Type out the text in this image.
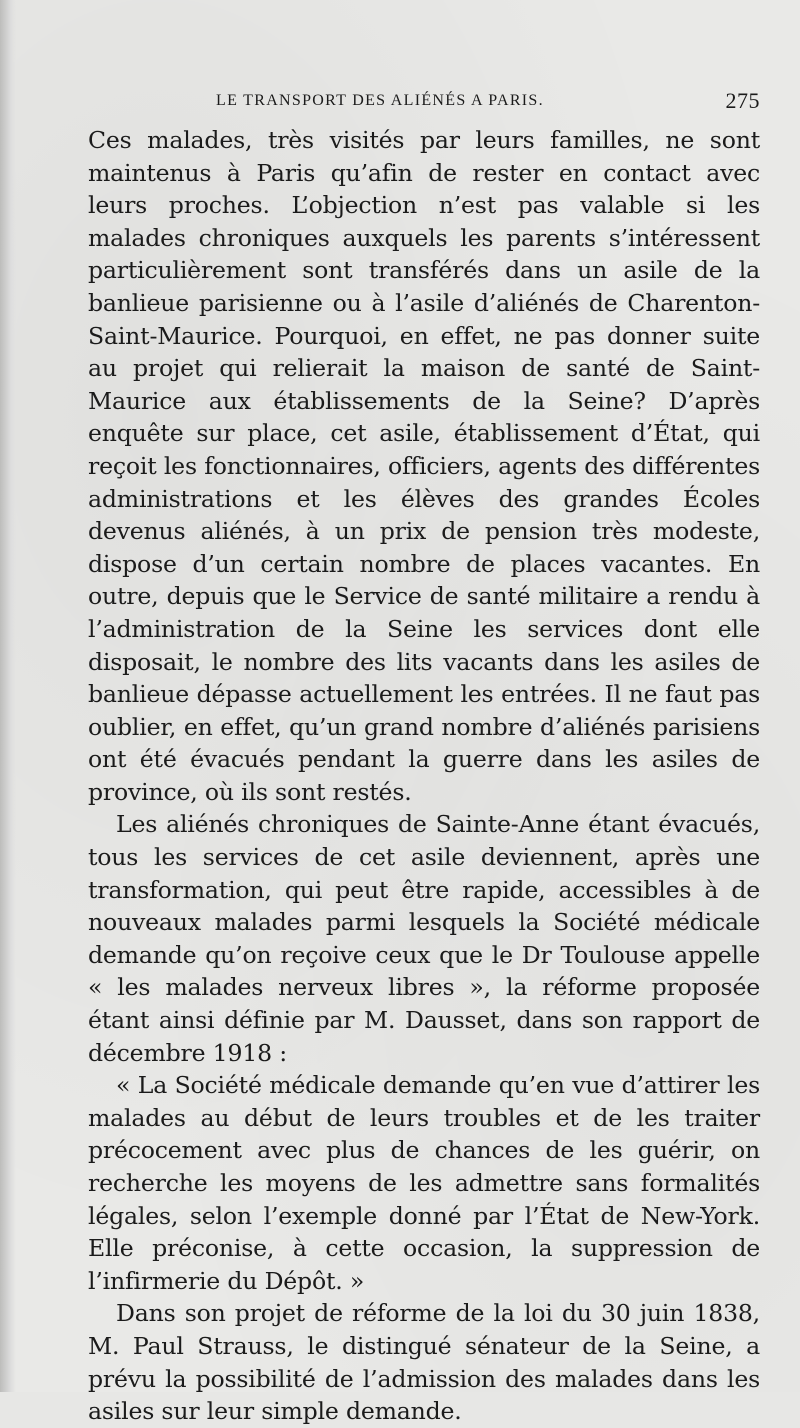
LE TRANSPORT DES ALIÉNÉS A PARIS.	275

Ces malades, très visités par leurs familles, ne sont maintenus à Paris qu’afin de rester en contact avec leurs proches. L’objection n’est pas valable si les malades chroniques auxquels les parents s’intéressent particulièrement sont transférés dans un asile de la banlieue parisienne ou à l’asile d’aliénés de Charenton-Saint-Maurice. Pourquoi, en effet, ne pas donner suite au projet qui relierait la maison de santé de Saint-Maurice aux établissements de la Seine? D’après enquête sur place, cet asile, établissement d’État, qui reçoit les fonctionnaires, officiers, agents des différentes administrations et les élèves des grandes Écoles devenus aliénés, à un prix de pension très modeste, dispose d’un certain nombre de places vacantes. En outre, depuis que le Service de santé militaire a rendu à l’administration de la Seine les services dont elle disposait, le nombre des lits vacants dans les asiles de banlieue dépasse actuellement les entrées. Il ne faut pas oublier, en effet, qu’un grand nombre d’aliénés parisiens ont été évacués pendant la guerre dans les asiles de province, où ils sont restés.

Les aliénés chroniques de Sainte-Anne étant évacués, tous les services de cet asile deviennent, après une transformation, qui peut être rapide, accessibles à de nouveaux malades parmi lesquels la Société médicale demande qu’on reçoive ceux que le Dr Toulouse appelle « les malades nerveux libres », la réforme proposée étant ainsi définie par M. Dausset, dans son rapport de décembre 1918 :

« La Société médicale demande qu’en vue d’attirer les malades au début de leurs troubles et de les traiter précocement avec plus de chances de les guérir, on recherche les moyens de les admettre sans formalités légales, selon l’exemple donné par l’État de New-York. Elle préconise, à cette occasion, la suppression de l’infirmerie du Dépôt. »

Dans son projet de réforme de la loi du 30 juin 1838, M. Paul Strauss, le distingué sénateur de la Seine, a prévu la possibilité de l’admission des malades dans les asiles sur leur simple demande.
